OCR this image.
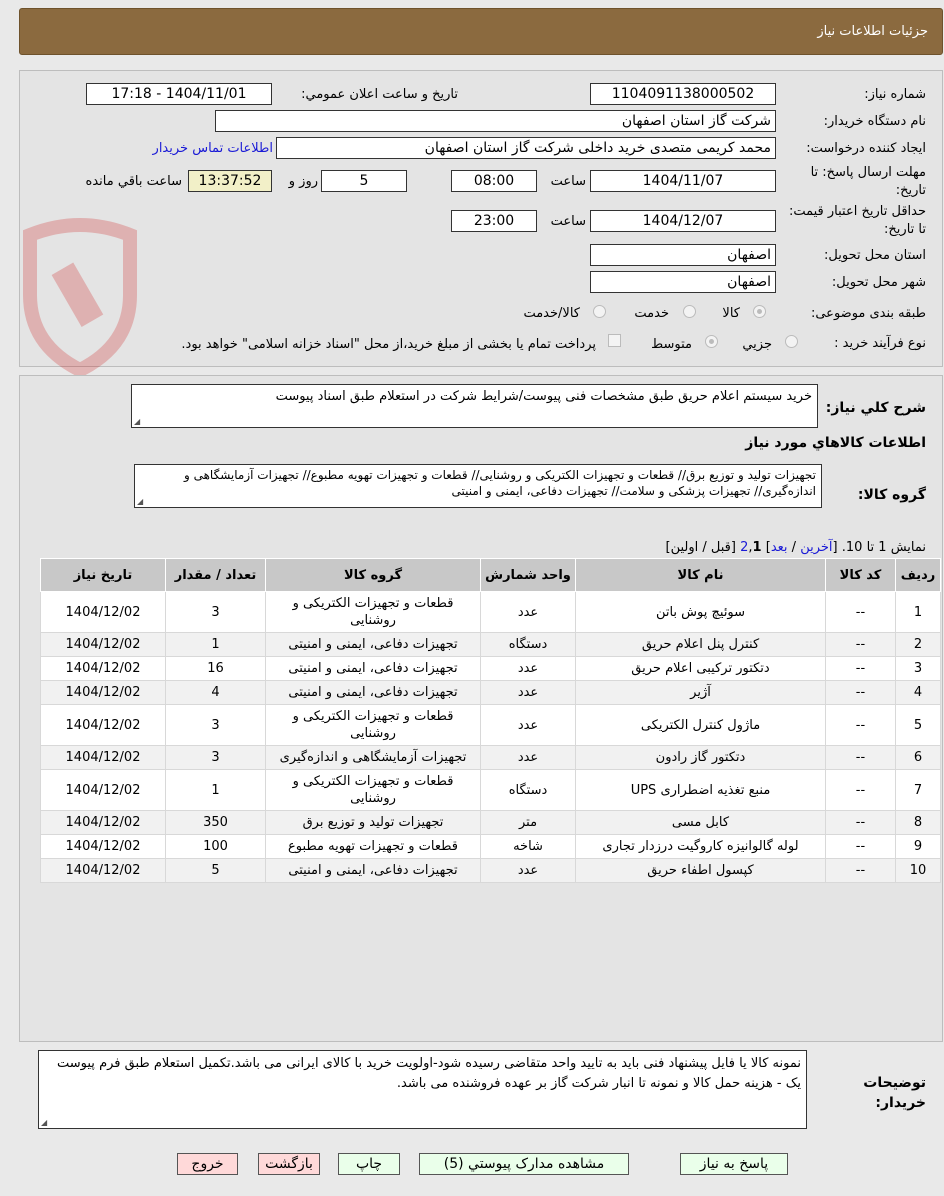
جزئیات اطلاعات نیاز
شماره نیاز:
1104091138000502
تاریخ و ساعت اعلان عمومي:
1404/11/01 - 17:18
نام دستگاه خریدار:
شرکت گاز استان اصفهان
ایجاد کننده درخواست:
محمد کریمی متصدی خرید داخلی شرکت گاز استان اصفهان
اطلاعات تماس خریدار
مهلت ارسال پاسخ: تا تاریخ:
1404/11/07
ساعت
08:00
5
روز و
13:37:52
ساعت باقي مانده
حداقل تاریخ اعتبار قیمت: تا تاریخ:
1404/12/07
ساعت
23:00
استان محل تحویل:
اصفهان
شهر محل تحویل:
اصفهان
طبقه بندی موضوعی:
کالا
خدمت
کالا/خدمت
نوع فرآیند خرید :
جزیي
متوسط
پرداخت تمام یا بخشی از مبلغ خرید،از محل "اسناد خزانه اسلامی" خواهد بود.
شرح کلي نیاز:
خرید سیستم اعلام حریق طبق مشخصات فنی پیوست/شرایط شرکت در استعلام طبق اسناد پیوست
◢
اطلاعات کالاهاي مورد نیاز
گروه کالا:
تجهیزات تولید و توزیع برق// قطعات و تجهیزات الکتریکی و روشنایی// قطعات و تجهیزات تهویه مطبوع// تجهیزات آزمایشگاهی و اندازه‌گیری// تجهیزات پزشکی و سلامت// تجهیزات دفاعی، ایمنی و امنیتی
◢
نمایش 1 تا 10. [آخرین / بعد] 2,1 [قبل / اولین]
ردیف	کد کالا	نام کالا	واحد شمارش	گروه کالا	تعداد / مقدار	تاریخ نیاز
1	--	سوئیچ پوش باتن	عدد	قطعات و تجهیزات الکتریکی و روشنایی	3	1404/12/02
2	--	کنترل پنل اعلام حریق	دستگاه	تجهیزات دفاعی، ایمنی و امنیتی	1	1404/12/02
3	--	دتکتور ترکیبی اعلام حریق	عدد	تجهیزات دفاعی، ایمنی و امنیتی	16	1404/12/02
4	--	آژیر	عدد	تجهیزات دفاعی، ایمنی و امنیتی	4	1404/12/02
5	--	ماژول کنترل الکتریکی	عدد	قطعات و تجهیزات الکتریکی و روشنایی	3	1404/12/02
6	--	دتکتور گاز رادون	عدد	تجهیزات آزمایشگاهی و اندازه‌گیری	3	1404/12/02
7	--	منبع تغذیه اضطراری UPS	دستگاه	قطعات و تجهیزات الکتریکی و روشنایی	1	1404/12/02
8	--	کابل مسی	متر	تجهیزات تولید و توزیع برق	350	1404/12/02
9	--	لوله گالوانیزه کاروگیت درزدار تجاری	شاخه	قطعات و تجهیزات تهویه مطبوع	100	1404/12/02
10	--	کپسول اطفاء حریق	عدد	تجهیزات دفاعی، ایمنی و امنیتی	5	1404/12/02
توضیحات خریدار:
نمونه کالا یا فایل پیشنهاد فنی باید به تایید واحد متقاضی رسیده شود-اولویت خرید با کالای ایرانی می باشد.تکمیل استعلام طبق فرم پیوست یک - هزینه حمل کالا و نمونه تا انبار شرکت گاز بر عهده فروشنده می باشد.
◢
پاسخ به نیاز
مشاهده مدارک پیوستي (5)
چاپ
بازگشت
خروج
